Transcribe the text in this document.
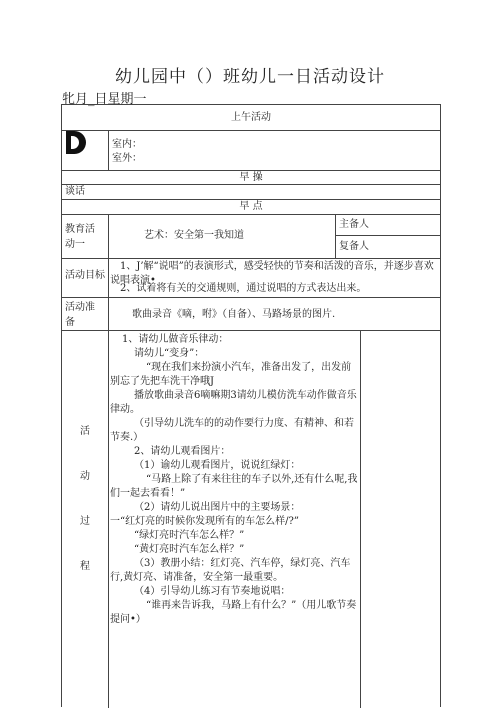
幼儿园中（）班幼儿一日活动设计
牝月_日星期一
上午活动
室内：
室外：
早 操
谈话
早 点
教育活动一
艺术：安全第一我知道
主备人
复备人
活动目标
1、J’解“说唱”的表演形式，感受轻快的节奏和活泼的音乐，并逐步喜欢说唱表演•
2、试着将有关的交通规则，通过说唱的方式表达出来。
活动准备
歌曲录音《嘀，咐》（自备）、马路场景的图片.
活
动
过
程

1、请幼儿做音乐律动：

请幼儿“变身”：

“现在我们来扮演小汽车，准备出发了，出发前别忘了先把车洗干净哦J

播放歌曲录音6嘀嘛期3请幼儿模仿洗车动作做音乐律动。

（引导幼儿洗车的的动作要行力度、有精神、和若节奏.）

2、请幼儿观看图片：

（1）谕幼儿观看图片，说说红绿灯：

“马路上除了有来往往的车子以外,还有什么呢,我们一起去看看！”

（2）请幼儿说出图片中的主要场景：

一“红灯亮的时候你发现所有的车怎么样/?”

“绿灯亮时汽车怎么样？”

“黄灯亮时汽车怎么样？”

（3）教册小结：红灯亮、汽车停，绿灯亮、汽车行,黄灯亮、请准备，安全第一最重要。

（4）引导幼儿练习有节奏地说唱：

“谁再来告诉我，马路上有什么？”（用儿歌节奏提问•）
